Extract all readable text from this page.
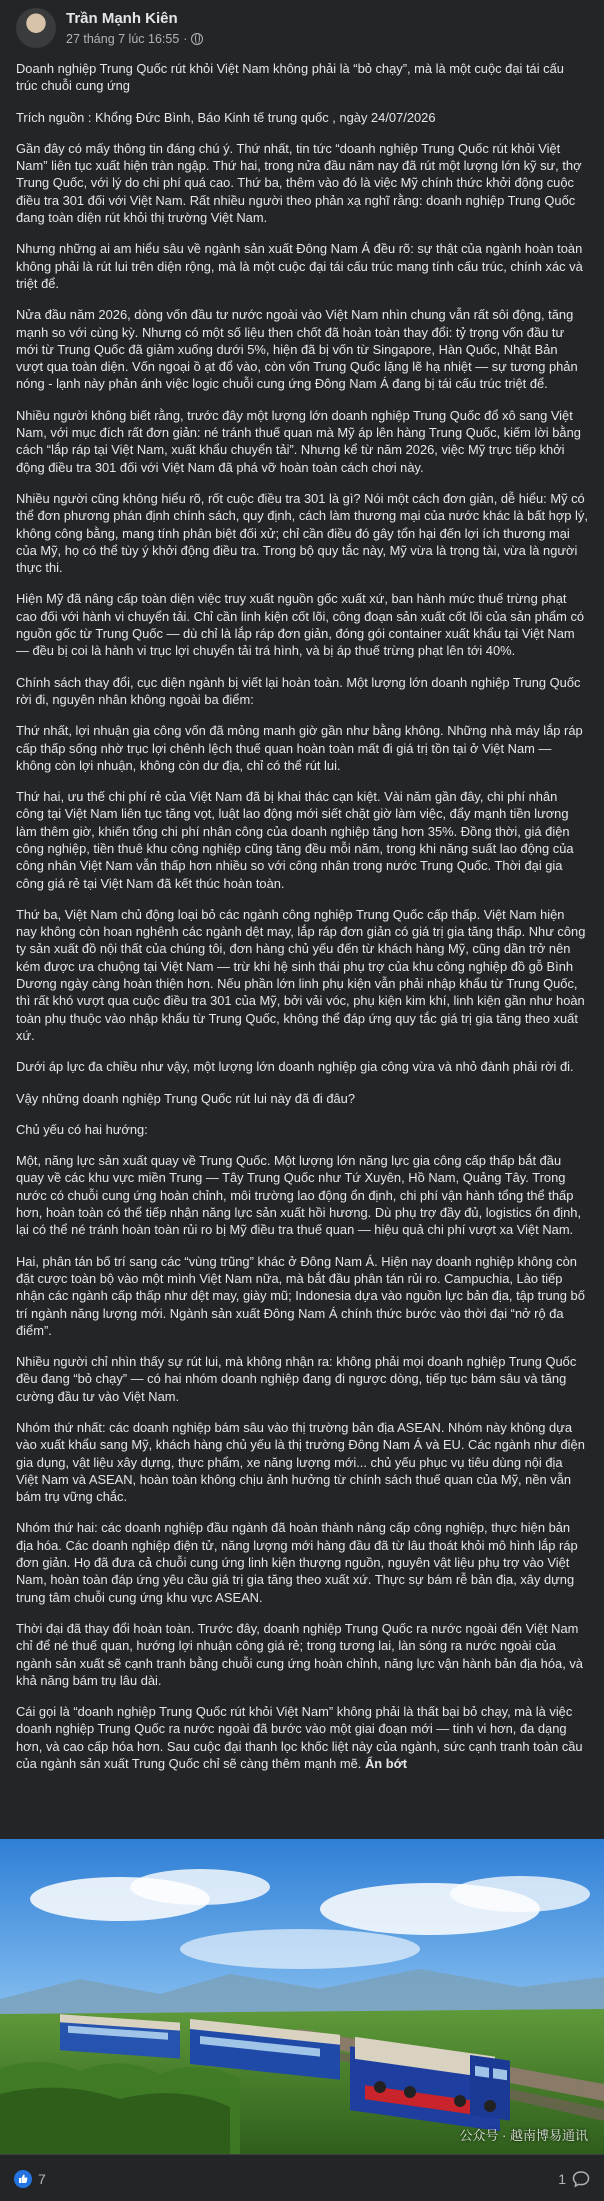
Trần Mạnh Kiên
27 tháng 7 lúc 16:55 ·

Doanh nghiệp Trung Quốc rút khỏi Việt Nam không phải là “bỏ chạy”, mà là một cuộc đại tái cấu trúc chuỗi cung ứng

Trích nguồn : Khổng Đức Bình, Báo Kinh tế trung quốc , ngày 24/07/2026

Gần đây có mấy thông tin đáng chú ý. Thứ nhất, tin tức “doanh nghiệp Trung Quốc rút khỏi Việt Nam” liên tục xuất hiện tràn ngập. Thứ hai, trong nửa đầu năm nay đã rút một lượng lớn kỹ sư, thợ Trung Quốc, với lý do chi phí quá cao. Thứ ba, thêm vào đó là việc Mỹ chính thức khởi động cuộc điều tra 301 đối với Việt Nam. Rất nhiều người theo phản xạ nghĩ rằng: doanh nghiệp Trung Quốc đang toàn diện rút khỏi thị trường Việt Nam.

Nhưng những ai am hiểu sâu về ngành sản xuất Đông Nam Á đều rõ: sự thật của ngành hoàn toàn không phải là rút lui trên diện rộng, mà là một cuộc đại tái cấu trúc mang tính cấu trúc, chính xác và triệt để.

Nửa đầu năm 2026, dòng vốn đầu tư nước ngoài vào Việt Nam nhìn chung vẫn rất sôi động, tăng mạnh so với cùng kỳ. Nhưng có một số liệu then chốt đã hoàn toàn thay đổi: tỷ trọng vốn đầu tư mới từ Trung Quốc đã giảm xuống dưới 5%, hiện đã bị vốn từ Singapore, Hàn Quốc, Nhật Bản vượt qua toàn diện. Vốn ngoại ồ ạt đổ vào, còn vốn Trung Quốc lặng lẽ hạ nhiệt — sự tương phản nóng - lạnh này phản ánh việc logic chuỗi cung ứng Đông Nam Á đang bị tái cấu trúc triệt để.

Nhiều người không biết rằng, trước đây một lượng lớn doanh nghiệp Trung Quốc đổ xô sang Việt Nam, với mục đích rất đơn giản: né tránh thuế quan mà Mỹ áp lên hàng Trung Quốc, kiếm lời bằng cách “lắp ráp tại Việt Nam, xuất khẩu chuyển tải”. Nhưng kể từ năm 2026, việc Mỹ trực tiếp khởi động điều tra 301 đối với Việt Nam đã phá vỡ hoàn toàn cách chơi này.

Nhiều người cũng không hiểu rõ, rốt cuộc điều tra 301 là gì? Nói một cách đơn giản, dễ hiểu: Mỹ có thể đơn phương phán định chính sách, quy định, cách làm thương mại của nước khác là bất hợp lý, không công bằng, mang tính phân biệt đối xử; chỉ cần điều đó gây tổn hại đến lợi ích thương mại của Mỹ, họ có thể tùy ý khởi động điều tra. Trong bộ quy tắc này, Mỹ vừa là trọng tài, vừa là người thực thi.

Hiện Mỹ đã nâng cấp toàn diện việc truy xuất nguồn gốc xuất xứ, ban hành mức thuế trừng phạt cao đối với hành vi chuyển tải. Chỉ cần linh kiện cốt lõi, công đoạn sản xuất cốt lõi của sản phẩm có nguồn gốc từ Trung Quốc — dù chỉ là lắp ráp đơn giản, đóng gói container xuất khẩu tại Việt Nam — đều bị coi là hành vi trục lợi chuyển tải trá hình, và bị áp thuế trừng phạt lên tới 40%.

Chính sách thay đổi, cục diện ngành bị viết lại hoàn toàn. Một lượng lớn doanh nghiệp Trung Quốc rời đi, nguyên nhân không ngoài ba điểm:

Thứ nhất, lợi nhuận gia công vốn đã mỏng manh giờ gần như bằng không. Những nhà máy lắp ráp cấp thấp sống nhờ trục lợi chênh lệch thuế quan hoàn toàn mất đi giá trị tồn tại ở Việt Nam — không còn lợi nhuận, không còn dư địa, chỉ có thể rút lui.

Thứ hai, ưu thế chi phí rẻ của Việt Nam đã bị khai thác cạn kiệt. Vài năm gần đây, chi phí nhân công tại Việt Nam liên tục tăng vọt, luật lao động mới siết chặt giờ làm việc, đẩy mạnh tiền lương làm thêm giờ, khiến tổng chi phí nhân công của doanh nghiệp tăng hơn 35%. Đồng thời, giá điện công nghiệp, tiền thuê khu công nghiệp cũng tăng đều mỗi năm, trong khi năng suất lao động của công nhân Việt Nam vẫn thấp hơn nhiều so với công nhân trong nước Trung Quốc. Thời đại gia công giá rẻ tại Việt Nam đã kết thúc hoàn toàn.

Thứ ba, Việt Nam chủ động loại bỏ các ngành công nghiệp Trung Quốc cấp thấp. Việt Nam hiện nay không còn hoan nghênh các ngành dệt may, lắp ráp đơn giản có giá trị gia tăng thấp. Như công ty sản xuất đồ nội thất của chúng tôi, đơn hàng chủ yếu đến từ khách hàng Mỹ, cũng dần trở nên kém được ưa chuộng tại Việt Nam — trừ khi hệ sinh thái phụ trợ của khu công nghiệp đồ gỗ Bình Dương ngày càng hoàn thiện hơn. Nếu phần lớn linh phụ kiện vẫn phải nhập khẩu từ Trung Quốc, thì rất khó vượt qua cuộc điều tra 301 của Mỹ, bởi vải vóc, phụ kiện kim khí, linh kiện gần như hoàn toàn phụ thuộc vào nhập khẩu từ Trung Quốc, không thể đáp ứng quy tắc giá trị gia tăng theo xuất xứ.

Dưới áp lực đa chiều như vậy, một lượng lớn doanh nghiệp gia công vừa và nhỏ đành phải rời đi.

Vậy những doanh nghiệp Trung Quốc rút lui này đã đi đâu?

Chủ yếu có hai hướng:

Một, năng lực sản xuất quay về Trung Quốc. Một lượng lớn năng lực gia công cấp thấp bắt đầu quay về các khu vực miền Trung — Tây Trung Quốc như Tứ Xuyên, Hồ Nam, Quảng Tây. Trong nước có chuỗi cung ứng hoàn chỉnh, môi trường lao động ổn định, chi phí vận hành tổng thể thấp hơn, hoàn toàn có thể tiếp nhận năng lực sản xuất hồi hương. Dù phụ trợ đầy đủ, logistics ổn định, lại có thể né tránh hoàn toàn rủi ro bị Mỹ điều tra thuế quan — hiệu quả chi phí vượt xa Việt Nam.

Hai, phân tán bố trí sang các “vùng trũng” khác ở Đông Nam Á. Hiện nay doanh nghiệp không còn đặt cược toàn bộ vào một mình Việt Nam nữa, mà bắt đầu phân tán rủi ro. Campuchia, Lào tiếp nhận các ngành cấp thấp như dệt may, giày mũ; Indonesia dựa vào nguồn lực bản địa, tập trung bố trí ngành năng lượng mới. Ngành sản xuất Đông Nam Á chính thức bước vào thời đại “nở rộ đa điểm”.

Nhiều người chỉ nhìn thấy sự rút lui, mà không nhận ra: không phải mọi doanh nghiệp Trung Quốc đều đang “bỏ chạy” — có hai nhóm doanh nghiệp đang đi ngược dòng, tiếp tục bám sâu và tăng cường đầu tư vào Việt Nam.

Nhóm thứ nhất: các doanh nghiệp bám sâu vào thị trường bản địa ASEAN. Nhóm này không dựa vào xuất khẩu sang Mỹ, khách hàng chủ yếu là thị trường Đông Nam Á và EU. Các ngành như điện gia dụng, vật liệu xây dựng, thực phẩm, xe năng lượng mới... chủ yếu phục vụ tiêu dùng nội địa Việt Nam và ASEAN, hoàn toàn không chịu ảnh hưởng từ chính sách thuế quan của Mỹ, nền vẫn bám trụ vững chắc.

Nhóm thứ hai: các doanh nghiệp đầu ngành đã hoàn thành nâng cấp công nghiệp, thực hiện bản địa hóa. Các doanh nghiệp điện tử, năng lượng mới hàng đầu đã từ lâu thoát khỏi mô hình lắp ráp đơn giản. Họ đã đưa cả chuỗi cung ứng linh kiện thượng nguồn, nguyên vật liệu phụ trợ vào Việt Nam, hoàn toàn đáp ứng yêu cầu giá trị gia tăng theo xuất xứ. Thực sự bám rễ bản địa, xây dựng trung tâm chuỗi cung ứng khu vực ASEAN.

Thời đại đã thay đổi hoàn toàn. Trước đây, doanh nghiệp Trung Quốc ra nước ngoài đến Việt Nam chỉ để né thuế quan, hướng lợi nhuận công giá rẻ; trong tương lai, làn sóng ra nước ngoài của ngành sản xuất sẽ cạnh tranh bằng chuỗi cung ứng hoàn chỉnh, năng lực vận hành bản địa hóa, và khả năng bám trụ lâu dài.

Cái gọi là “doanh nghiệp Trung Quốc rút khỏi Việt Nam” không phải là thất bại bỏ chạy, mà là việc doanh nghiệp Trung Quốc ra nước ngoài đã bước vào một giai đoạn mới — tinh vi hơn, đa dạng hơn, và cao cấp hóa hơn. Sau cuộc đại thanh lọc khốc liệt này của ngành, sức cạnh tranh toàn cầu của ngành sản xuất Trung Quốc chỉ sẽ càng thêm mạnh mẽ. Ẩn bớt

公众号 · 越南博易通讯
7	1
